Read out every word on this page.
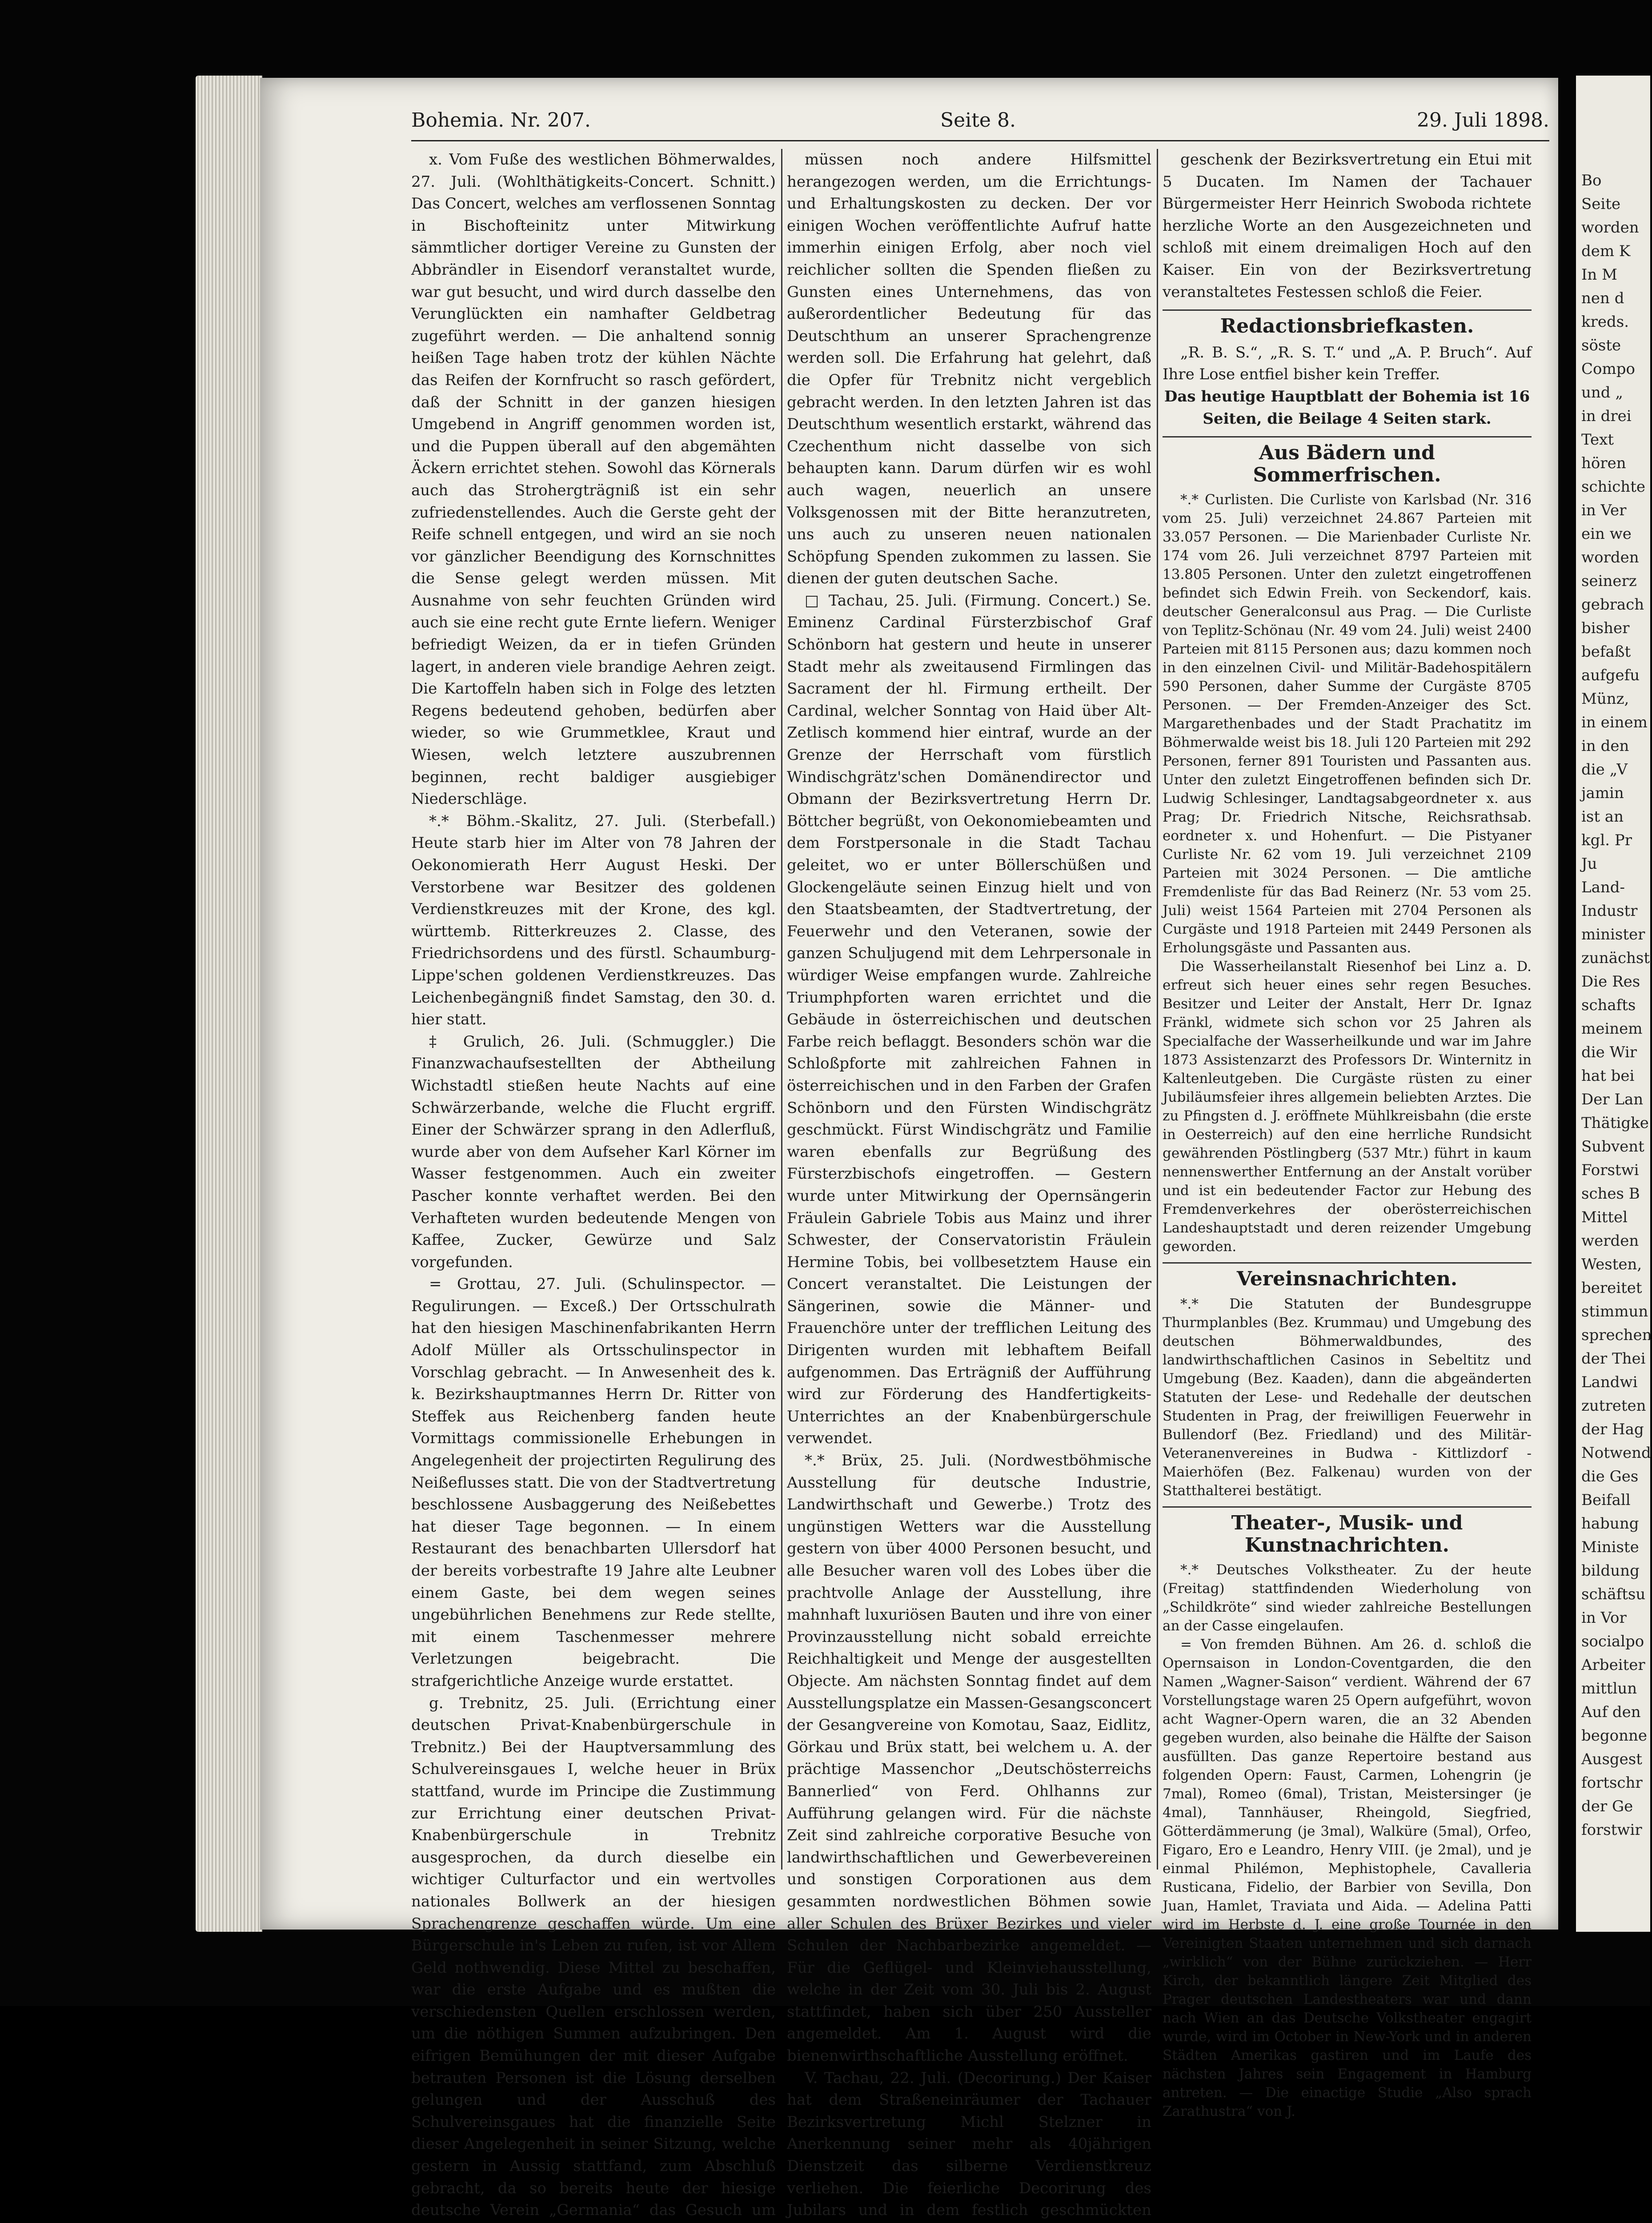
Bohemia. Nr. 207.	Seite 8.	29. Juli 1898.

x. Vom Fuße des westlichen Böhmerwaldes, 27. Juli. (Wohlthätigkeits-Concert. Schnitt.) Das Concert, welches am verflossenen Sonntag in Bischofteinitz unter Mitwirkung sämmtlicher dortiger Vereine zu Gunsten der Abbrändler in Eisendorf veranstaltet wurde, war gut besucht, und wird durch dasselbe den Verunglückten ein namhafter Geldbetrag zugeführt werden. — Die anhaltend sonnig heißen Tage haben trotz der kühlen Nächte das Reifen der Kornfrucht so rasch gefördert, daß der Schnitt in der ganzen hiesigen Umgebend in Angriff genommen worden ist, und die Puppen überall auf den abgemähten Äckern errichtet stehen. Sowohl das Körnerals auch das Strohergträgniß ist ein sehr zufriedenstellendes. Auch die Gerste geht der Reife schnell entgegen, und wird an sie noch vor gänzlicher Beendigung des Kornschnittes die Sense gelegt werden müssen. Mit Ausnahme von sehr feuchten Gründen wird auch sie eine recht gute Ernte liefern. Weniger befriedigt Weizen, da er in tiefen Gründen lagert, in anderen viele brandige Aehren zeigt. Die Kartoffeln haben sich in Folge des letzten Regens bedeutend gehoben, bedürfen aber wieder, so wie Grummetklee, Kraut und Wiesen, welch letztere auszubrennen beginnen, recht baldiger ausgiebiger Niederschläge.

*.* Böhm.-Skalitz, 27. Juli. (Sterbefall.) Heute starb hier im Alter von 78 Jahren der Oekonomierath Herr August Heski. Der Verstorbene war Besitzer des goldenen Verdienstkreuzes mit der Krone, des kgl. württemb. Ritterkreuzes 2. Classe, des Friedrichsordens und des fürstl. Schaumburg-Lippe'schen goldenen Verdienstkreuzes. Das Leichenbegängniß findet Samstag, den 30. d. hier statt.

‡ Grulich, 26. Juli. (Schmuggler.) Die Finanzwachaufsestellten der Abtheilung Wichstadtl stießen heute Nachts auf eine Schwärzerbande, welche die Flucht ergriff. Einer der Schwärzer sprang in den Adlerfluß, wurde aber von dem Aufseher Karl Körner im Wasser festgenommen. Auch ein zweiter Pascher konnte verhaftet werden. Bei den Verhafteten wurden bedeutende Mengen von Kaffee, Zucker, Gewürze und Salz vorgefunden.

= Grottau, 27. Juli. (Schulinspector. — Regulirungen. — Exceß.) Der Ortsschulrath hat den hiesigen Maschinenfabrikanten Herrn Adolf Müller als Ortsschulinspector in Vorschlag gebracht. — In Anwesenheit des k. k. Bezirkshauptmannes Herrn Dr. Ritter von Steffek aus Reichenberg fanden heute Vormittags commissionelle Erhebungen in Angelegenheit der projectirten Regulirung des Neißeflusses statt. Die von der Stadtvertretung beschlossene Ausbaggerung des Neißebettes hat dieser Tage begonnen. — In einem Restaurant des benachbarten Ullersdorf hat der bereits vorbestrafte 19 Jahre alte Leubner einem Gaste, bei dem wegen seines ungebührlichen Benehmens zur Rede stellte, mit einem Taschenmesser mehrere Verletzungen beigebracht. Die strafgerichtliche Anzeige wurde erstattet.

g. Trebnitz, 25. Juli. (Errichtung einer deutschen Privat-Knabenbürgerschule in Trebnitz.) Bei der Hauptversammlung des Schulvereinsgaues I, welche heuer in Brüx stattfand, wurde im Principe die Zustimmung zur Errichtung einer deutschen Privat-Knabenbürgerschule in Trebnitz ausgesprochen, da durch dieselbe ein wichtiger Culturfactor und ein wertvolles nationales Bollwerk an der hiesigen Sprachengrenze geschaffen würde. Um eine Bürgerschule in's Leben zu rufen, ist vor Allem Geld nothwendig. Diese Mittel zu beschaffen, war die erste Aufgabe und es mußten die verschiedensten Quellen erschlossen werden, um die nöthigen Summen aufzubringen. Den eifrigen Bemühungen der mit dieser Aufgabe betrauten Personen ist die Lösung derselben gelungen und der Ausschuß des Schulvereinsgaues hat die finanzielle Seite dieser Angelegenheit in seiner Sitzung, welche gestern in Aussig stattfand, zum Abschluß gebracht, da so bereits heute der hiesige deutsche Verein „Germania“ das Gesuch um

müssen noch andere Hilfsmittel herangezogen werden, um die Errichtungs- und Erhaltungskosten zu decken. Der vor einigen Wochen veröffentlichte Aufruf hatte immerhin einigen Erfolg, aber noch viel reichlicher sollten die Spenden fließen zu Gunsten eines Unternehmens, das von außerordentlicher Bedeutung für das Deutschthum an unserer Sprachengrenze werden soll. Die Erfahrung hat gelehrt, daß die Opfer für Trebnitz nicht vergeblich gebracht werden. In den letzten Jahren ist das Deutschthum wesentlich erstarkt, während das Czechenthum nicht dasselbe von sich behaupten kann. Darum dürfen wir es wohl auch wagen, neuerlich an unsere Volksgenossen mit der Bitte heranzutreten, uns auch zu unseren neuen nationalen Schöpfung Spenden zukommen zu lassen. Sie dienen der guten deutschen Sache.

□ Tachau, 25. Juli. (Firmung. Concert.) Se. Eminenz Cardinal Fürsterzbischof Graf Schönborn hat gestern und heute in unserer Stadt mehr als zweitausend Firmlingen das Sacrament der hl. Firmung ertheilt. Der Cardinal, welcher Sonntag von Haid über Alt-Zetlisch kommend hier eintraf, wurde an der Grenze der Herrschaft vom fürstlich Windischgrätz'schen Domänendirector und Obmann der Bezirksvertretung Herrn Dr. Böttcher begrüßt, von Oekonomiebeamten und dem Forstpersonale in die Stadt Tachau geleitet, wo er unter Böllerschüßen und Glockengeläute seinen Einzug hielt und von den Staatsbeamten, der Stadtvertretung, der Feuerwehr und den Veteranen, sowie der ganzen Schuljugend mit dem Lehrpersonale in würdiger Weise empfangen wurde. Zahlreiche Triumphpforten waren errichtet und die Gebäude in österreichischen und deutschen Farbe reich beflaggt. Besonders schön war die Schloßpforte mit zahlreichen Fahnen in österreichischen und in den Farben der Grafen Schönborn und den Fürsten Windischgrätz geschmückt. Fürst Windischgrätz und Familie waren ebenfalls zur Begrüßung des Fürsterzbischofs eingetroffen. — Gestern wurde unter Mitwirkung der Opernsängerin Fräulein Gabriele Tobis aus Mainz und ihrer Schwester, der Conservatoristin Fräulein Hermine Tobis, bei vollbesetztem Hause ein Concert veranstaltet. Die Leistungen der Sängerinen, sowie die Männer- und Frauenchöre unter der trefflichen Leitung des Dirigenten wurden mit lebhaftem Beifall aufgenommen. Das Erträgniß der Aufführung wird zur Förderung des Handfertigkeits-Unterrichtes an der Knabenbürgerschule verwendet.

*.* Brüx, 25. Juli. (Nordwestböhmische Ausstellung für deutsche Industrie, Landwirthschaft und Gewerbe.) Trotz des ungünstigen Wetters war die Ausstellung gestern von über 4000 Personen besucht, und alle Besucher waren voll des Lobes über die prachtvolle Anlage der Ausstellung, ihre mahnhaft luxuriösen Bauten und ihre von einer Provinzausstellung nicht sobald erreichte Reichhaltigkeit und Menge der ausgestellten Objecte. Am nächsten Sonntag findet auf dem Ausstellungsplatze ein Massen-Gesangsconcert der Gesangvereine von Komotau, Saaz, Eidlitz, Görkau und Brüx statt, bei welchem u. A. der prächtige Massenchor „Deutschösterreichs Bannerlied“ von Ferd. Ohlhanns zur Aufführung gelangen wird. Für die nächste Zeit sind zahlreiche corporative Besuche von landwirthschaftlichen und Gewerbevereinen und sonstigen Corporationen aus dem gesammten nordwestlichen Böhmen sowie aller Schulen des Brüxer Bezirkes und vieler Schulen der Nachbarbezirke angemeldet. — Für die Geflügel- und Kleinviehausstellung, welche in der Zeit vom 30. Juli bis 2. August stattfindet, haben sich über 250 Aussteller angemeldet. Am 1. August wird die bienenwirthschaftliche Ausstellung eröffnet.

V. Tachau, 22. Juli. (Decorirung.) Der Kaiser hat dem Straßeneinräumer der Tachauer Bezirksvertretung Michl Stelzner in Anerkennung seiner mehr als 40jährigen Dienstzeit das silberne Verdienstkreuz verliehen. Die feierliche Decorirung des Jubilars und in dem festlich geschmückten

geschenk der Bezirksvertretung ein Etui mit 5 Ducaten. Im Namen der Tachauer Bürgermeister Herr Heinrich Swoboda richtete herzliche Worte an den Ausgezeichneten und schloß mit einem dreimaligen Hoch auf den Kaiser. Ein von der Bezirksvertretung veranstaltetes Festessen schloß die Feier.

Redactionsbriefkasten.

„R. B. S.“, „R. S. T.“ und „A. P. Bruch“. Auf Ihre Lose entfiel bisher kein Treffer.

Das heutige Hauptblatt der Bohemia ist 16 Seiten, die Beilage 4 Seiten stark.

Aus Bädern und Sommerfrischen.

*.* Curlisten. Die Curliste von Karlsbad (Nr. 316 vom 25. Juli) verzeichnet 24.867 Parteien mit 33.057 Personen. — Die Marienbader Curliste Nr. 174 vom 26. Juli verzeichnet 8797 Parteien mit 13.805 Personen. Unter den zuletzt eingetroffenen befindet sich Edwin Freih. von Seckendorf, kais. deutscher Generalconsul aus Prag. — Die Curliste von Teplitz-Schönau (Nr. 49 vom 24. Juli) weist 2400 Parteien mit 8115 Personen aus; dazu kommen noch in den einzelnen Civil- und Militär-Badehospitälern 590 Personen, daher Summe der Curgäste 8705 Personen. — Der Fremden-Anzeiger des Sct. Margarethenbades und der Stadt Prachatitz im Böhmerwalde weist bis 18. Juli 120 Parteien mit 292 Personen, ferner 891 Touristen und Passanten aus. Unter den zuletzt Eingetroffenen befinden sich Dr. Ludwig Schlesinger, Landtagsabgeordneter x. aus Prag; Dr. Friedrich Nitsche, Reichsrathsab. eordneter x. und Hohenfurt. — Die Pistyaner Curliste Nr. 62 vom 19. Juli verzeichnet 2109 Parteien mit 3024 Personen. — Die amtliche Fremdenliste für das Bad Reinerz (Nr. 53 vom 25. Juli) weist 1564 Parteien mit 2704 Personen als Curgäste und 1918 Parteien mit 2449 Personen als Erholungsgäste und Passanten aus.

Die Wasserheilanstalt Riesenhof bei Linz a. D. erfreut sich heuer eines sehr regen Besuches. Besitzer und Leiter der Anstalt, Herr Dr. Ignaz Fränkl, widmete sich schon vor 25 Jahren als Specialfache der Wasserheilkunde und war im Jahre 1873 Assistenzarzt des Professors Dr. Winternitz in Kaltenleutgeben. Die Curgäste rüsten zu einer Jubiläumsfeier ihres allgemein beliebten Arztes. Die zu Pfingsten d. J. eröffnete Mühlkreisbahn (die erste in Oesterreich) auf den eine herrliche Rundsicht gewährenden Pöstlingberg (537 Mtr.) führt in kaum nennenswerther Entfernung an der Anstalt vorüber und ist ein bedeutender Factor zur Hebung des Fremdenverkehres der oberösterreichischen Landeshauptstadt und deren reizender Umgebung geworden.

Vereinsnachrichten.

*.* Die Statuten der Bundesgruppe Thurmplanbles (Bez. Krummau) und Umgebung des deutschen Böhmerwaldbundes, des landwirthschaftlichen Casinos in Sebeltitz und Umgebung (Bez. Kaaden), dann die abgeänderten Statuten der Lese- und Redehalle der deutschen Studenten in Prag, der freiwilligen Feuerwehr in Bullendorf (Bez. Friedland) und des Militär-Veteranenvereines in Budwa - Kittlizdorf - Maierhöfen (Bez. Falkenau) wurden von der Statthalterei bestätigt.

Theater-, Musik- und Kunstnachrichten.

*.* Deutsches Volkstheater. Zu der heute (Freitag) stattfindenden Wiederholung von „Schildkröte“ sind wieder zahlreiche Bestellungen an der Casse eingelaufen.

= Von fremden Bühnen. Am 26. d. schloß die Opernsaison in London-Coventgarden, die den Namen „Wagner-Saison“ verdient. Während der 67 Vorstellungstage waren 25 Opern aufgeführt, wovon acht Wagner-Opern waren, die an 32 Abenden gegeben wurden, also beinahe die Hälfte der Saison ausfüllten. Das ganze Repertoire bestand aus folgenden Opern: Faust, Carmen, Lohengrin (je 7mal), Romeo (6mal), Tristan, Meistersinger (je 4mal), Tannhäuser, Rheingold, Siegfried, Götterdämmerung (je 3mal), Walküre (5mal), Orfeo, Figaro, Ero e Leandro, Henry VIII. (je 2mal), und je einmal Philémon, Mephistophele, Cavalleria Rusticana, Fidelio, der Barbier von Sevilla, Don Juan, Hamlet, Traviata und Aida. — Adelina Patti wird im Herbste d. J. eine große Tournée in den Vereinigten Staaten unternehmen und sich darnach „wirklich“ von der Bühne zurückziehen. — Herr Kirch, der bekanntlich längere Zeit Mitglied des Prager deutschen Landestheaters war und dann nach Wien an das Deutsche Volkstheater engagirt wurde, wird im October in New-York und in anderen Städten Amerikas gastiren und im Laufe des nächsten Jahres sein Engagement in Hamburg antreten. — Die einactige Studie „Also sprach Zarathustra“ von J.

Bo
Seite
worden
dem K
In M
nen d
kreds.
söste
Compo
und „
in drei
Text
hören
schichte
in Ver
ein we
worden
seinerz
gebrach
bisher
befaßt
aufgefu
Münz,
in einem
in den
die „V
jamin
ist an
kgl. Pr
Ju
Land-
Industr
minister
zunächst
Die Res
schafts
meinem
die Wir
hat bei
Der Lan
Thätigke
Subvent
Forstwi
sches B
Mittel
werden
Westen,
bereitet
stimmun
sprechen
der Thei
Landwi
zutreten
der Hag
Notwend
die Ges
Beifall
habung
Ministe
bildung
schäftsu
in Vor
socialpo
Arbeiter
mittlun
Auf den
begonne
Ausgest
fortschr
der Ge
forstwir
